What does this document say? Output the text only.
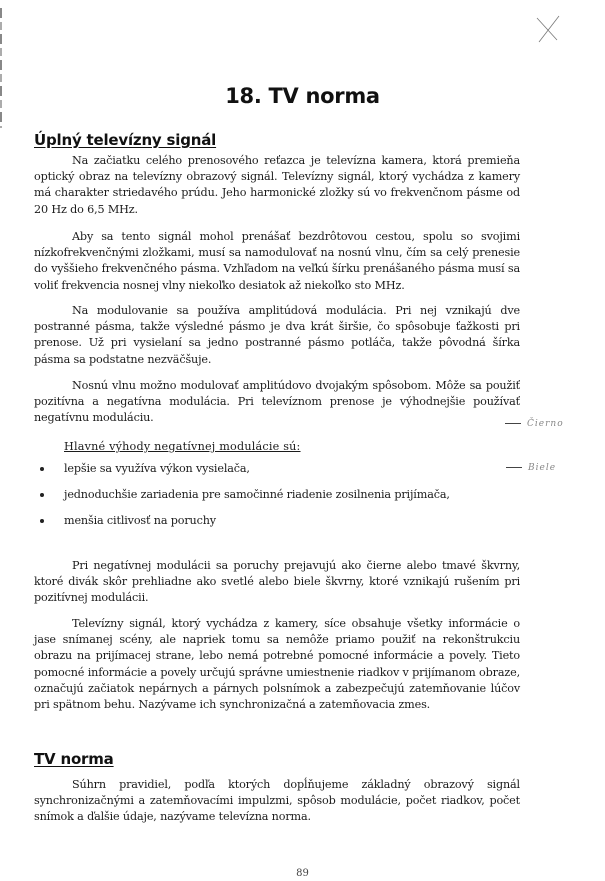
18. TV norma
Úplný televízny signál
Na začiatku celého prenosového reťazca je televízna kamera, ktorá premieňa optický obraz na televízny obrazový signál. Televízny signál, ktorý vychádza z kamery má charakter striedavého prúdu. Jeho harmonické zložky sú vo frekvenčnom pásme od 20 Hz do 6,5 MHz.
Aby sa tento signál mohol prenášať bezdrôtovou cestou, spolu so svojimi nízkofrekvenčnými zložkami, musí sa namodulovať na nosnú vlnu, čím sa celý prenesie do vyššieho frekvenčného pásma. Vzhľadom na veľkú šírku prenášaného pásma musí sa voliť frekvencia nosnej vlny niekoľko desiatok až niekoľko sto MHz.
Na modulovanie sa používa amplitúdová modulácia. Pri nej vznikajú dve postranné pásma, takže výsledné pásmo je dva krát širšie, čo spôsobuje ťažkosti pri prenose. Už pri vysielaní sa jedno postranné pásmo potláča, takže pôvodná šírka pásma sa podstatne nezväčšuje.
Nosnú vlnu možno modulovať amplitúdovo dvojakým spôsobom. Môže sa použiť pozitívna a negatívna modulácia. Pri televíznom prenose je výhodnejšie používať negatívnu moduláciu.	Čierno
Hlavné výhody negatívnej modulácie sú:
lepšie sa využíva výkon vysielača,
jednoduchšie zariadenia pre samočinné riadenie zosilnenia prijímača,
menšia citlivosť na poruchy
Biele
Pri negatívnej modulácii sa poruchy prejavujú ako čierne alebo tmavé škvrny, ktoré divák skôr prehliadne ako svetlé alebo biele škvrny, ktoré vznikajú rušením pri pozitívnej modulácii.
Televízny signál, ktorý vychádza z kamery, síce obsahuje všetky informácie o jase snímanej scény, ale napriek tomu sa nemôže priamo použiť na rekonštrukciu obrazu na prijímacej strane, lebo nemá potrebné pomocné informácie a povely. Tieto pomocné informácie a povely určujú správne umiestnenie riadkov v prijímanom obraze, označujú začiatok nepárnych a párnych polsnímok a zabezpečujú zatemňovanie lúčov pri spätnom behu. Nazývame ich synchronizačná a zatemňovacia zmes.
TV norma
Súhrn pravidiel, podľa ktorých dopĺňujeme základný obrazový signál synchronizačnými a zatemňovacími impulzmi, spôsob modulácie, počet riadkov, počet snímok a ďalšie údaje, nazývame televízna norma.
89
